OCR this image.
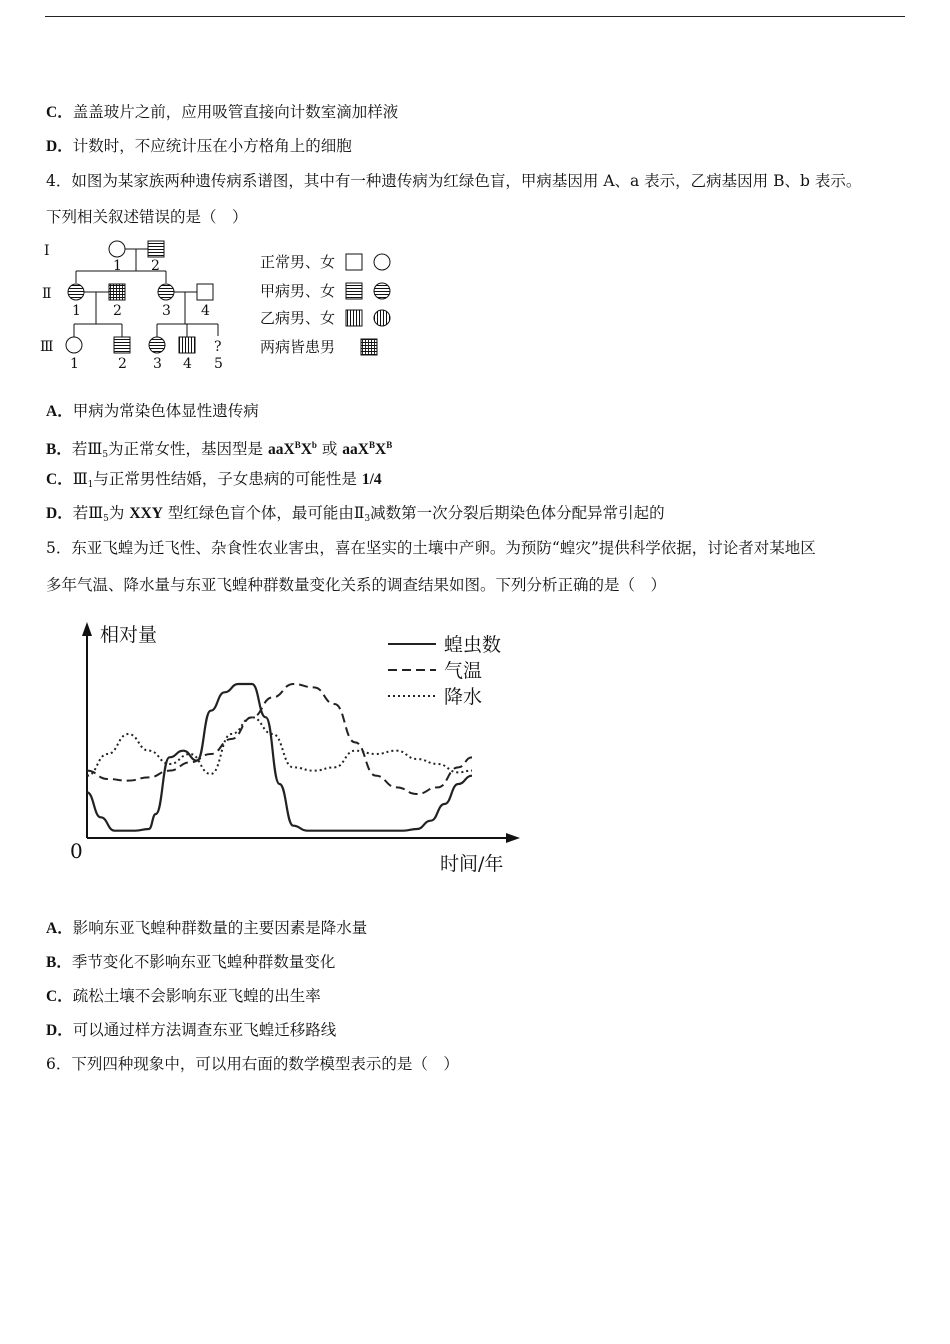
C．盖盖玻片之前，应用吸管直接向计数室滴加样液
D．计数时，不应统计压在小方格角上的细胞
4．如图为某家族两种遗传病系谱图，其中有一种遗传病为红绿色盲，甲病基因用 A、a 表示，乙病基因用 B、b 表示。
下列相关叙述错误的是（　）
Ⅰ
Ⅱ
Ⅲ
1 2
1 2	3 4
1	2 3 4
?
5
正常男、女
甲病男、女
乙病男、女
两病皆患男
A．甲病为常染色体显性遗传病
B．若$Ⅲ_5$为正常女性，基因型是 $aaX^BX^b$ 或 $aaX^BX^B$
C．$Ⅲ_1$与正常男性结婚，子女患病的可能性是 1/4
D．若$Ⅲ_5$为 XXY 型红绿色盲个体，最可能由$Ⅱ_3$减数第一次分裂后期染色体分配异常引起的
5．东亚飞蝗为迁飞性、杂食性农业害虫，喜在坚实的土壤中产卵。为预防“蝗灾”提供科学依据，讨论者对某地区
多年气温、降水量与东亚飞蝗种群数量变化关系的调查结果如图。下列分析正确的是（　）
相对量
时间/年
0
蝗虫数
气温
降水
A．影响东亚飞蝗种群数量的主要因素是降水量
B．季节变化不影响东亚飞蝗种群数量变化
C．疏松土壤不会影响东亚飞蝗的出生率
D．可以通过样方法调查东亚飞蝗迁移路线
6．下列四种现象中，可以用右面的数学模型表示的是（　）
